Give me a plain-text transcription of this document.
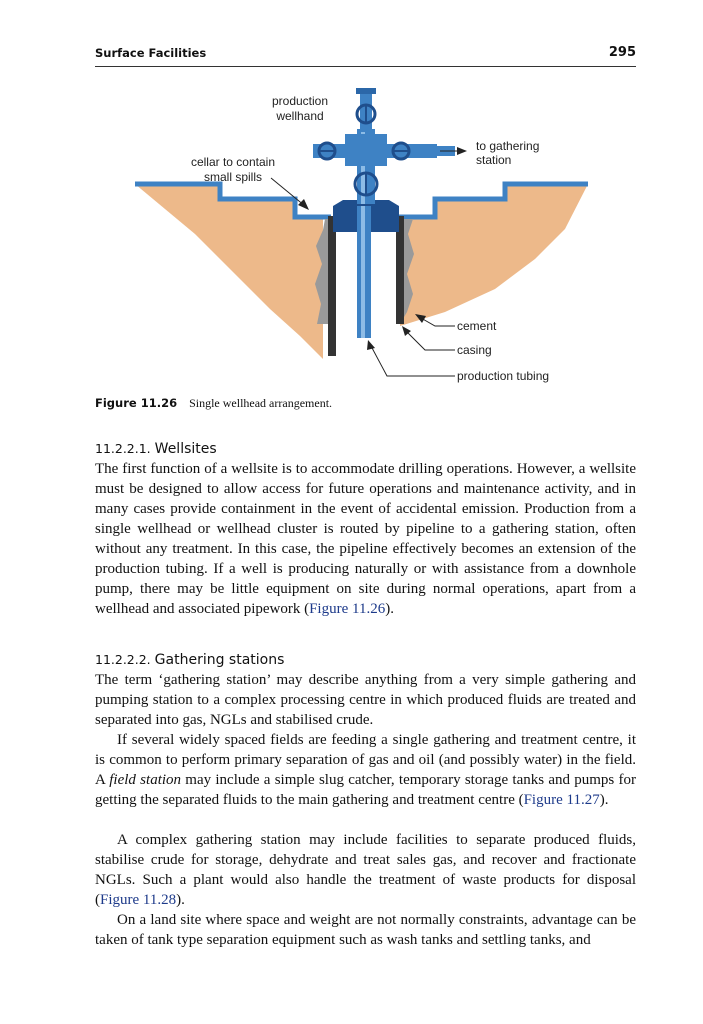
Surface Facilities	295
production
wellhand
cellar to contain
small spills
to gathering
station
cement
casing
production tubing
Figure 11.26 Single wellhead arrangement.
11.2.2.1. Wellsites

The first function of a wellsite is to accommodate drilling operations. However, a wellsite must be designed to allow access for future operations and maintenance activity, and in many cases provide containment in the event of accidental emission. Production from a single wellhead or wellhead cluster is routed by pipeline to a gathering station, often without any treatment. In this case, the pipeline effectively becomes an extension of the production tubing. If a well is producing naturally or with assistance from a downhole pump, there may be little equipment on site during normal operations, apart from a wellhead and associated pipework (Figure 11.26).

11.2.2.2. Gathering stations

The term ‘gathering station’ may describe anything from a very simple gathering and pumping station to a complex processing centre in which produced fluids are treated and separated into gas, NGLs and stabilised crude.

If several widely spaced fields are feeding a single gathering and treatment centre, it is common to perform primary separation of gas and oil (and possibly water) in the field. A field station may include a simple slug catcher, temporary storage tanks and pumps for getting the separated fluids to the main gathering and treatment centre (Figure 11.27).

A complex gathering station may include facilities to separate produced fluids, stabilise crude for storage, dehydrate and treat sales gas, and recover and fractionate NGLs. Such a plant would also handle the treatment of waste products for disposal (Figure 11.28).

On a land site where space and weight are not normally constraints, advantage can be taken of tank type separation equipment such as wash tanks and settling tanks, and
